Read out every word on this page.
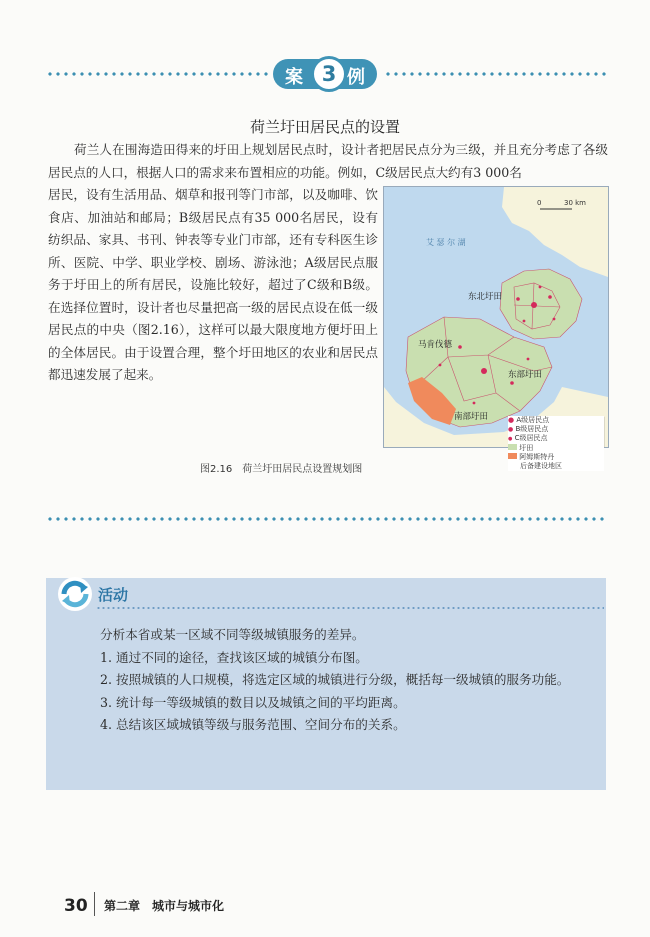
案 3 例
荷兰圩田居民点的设置

荷兰人在围海造田得来的圩田上规划居民点时，设计者把居民点分为三级，并且充分考虑了各级居民点的人口，根据人口的需求来布置相应的功能。例如，C级居民点大约有3 000名

居民，设有生活用品、烟草和报刊等门市部，以及咖啡、饮食店、加油站和邮局；B级居民点有35 000名居民，设有纺织品、家具、书刊、钟表等专业门市部，还有专科医生诊所、医院、中学、职业学校、剧场、游泳池；A级居民点服务于圩田上的所有居民，设施比较好，超过了C级和B级。在选择位置时，设计者也尽量把高一级的居民点设在低一级居民点的中央（图2.16），这样可以最大限度地方便圩田上的全体居民。由于设置合理，整个圩田地区的农业和居民点都迅速发展了起来。

0	30 km
艾 瑟 尔 湖
东北圩田
马肯伐德
东部圩田
南部圩田	● A级居民点
● B级居民点
● C级居民点
圩田
阿姆斯特丹
后备建设地区
图2.16 荷兰圩田居民点设置规划图
活动

分析本省或某一区域不同等级城镇服务的差异。

1. 通过不同的途径，查找该区域的城镇分布图。

2. 按照城镇的人口规模，将选定区域的城镇进行分级，概括每一级城镇的服务功能。

3. 统计每一等级城镇的数目以及城镇之间的平均距离。

4. 总结该区域城镇等级与服务范围、空间分布的关系。

30 第二章　城市与城市化
